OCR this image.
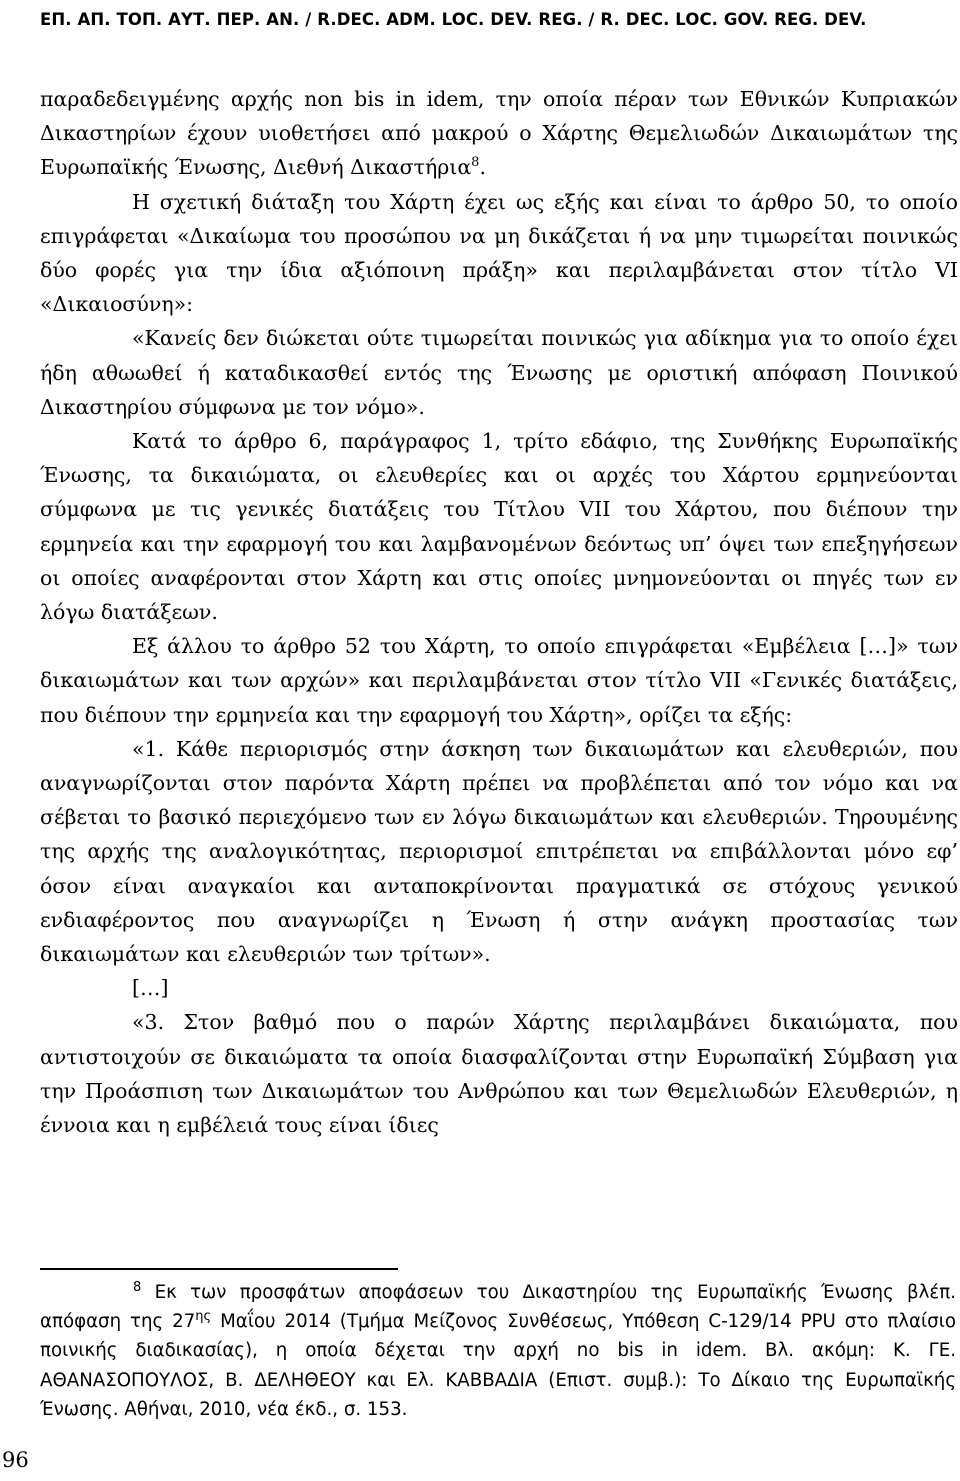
ΕΠ. ΑΠ. ΤΟΠ. ΑΥΤ. ΠΕΡ. ΑΝ. / R.DEC. ADM. LOC. DEV. REG. / R. DEC. LOC. GOV. REG. DEV.

παραδεδειγμένης αρχής non bis in idem, την οποία πέραν των Εθνικών Κυπριακών Δικαστηρίων έχουν υιοθετήσει από μακρού ο Χάρτης Θεμελιωδών Δικαιωμάτων της Ευρωπαϊκής Ένωσης, Διεθνή Δικαστήρια$^8$.

Η σχετική διάταξη του Χάρτη έχει ως εξής και είναι το άρθρο 50, το οποίο επιγράφεται «Δικαίωμα του προσώπου να μη δικάζεται ή να μην τιμωρείται ποινικώς δύο φορές για την ίδια αξιόποινη πράξη» και περιλαμβάνεται στον τίτλο VI «Δικαιοσύνη»:

«Κανείς δεν διώκεται ούτε τιμωρείται ποινικώς για αδίκημα για το οποίο έχει ήδη αθωωθεί ή καταδικασθεί εντός της Ένωσης με οριστική απόφαση Ποινικού Δικαστηρίου σύμφωνα με τον νόμο».

Κατά το άρθρο 6, παράγραφος 1, τρίτο εδάφιο, της Συνθήκης Ευρωπαϊκής Ένωσης, τα δικαιώματα, οι ελευθερίες και οι αρχές του Χάρτου ερμηνεύονται σύμφωνα με τις γενικές διατάξεις του Τίτλου VII του Χάρτου, που διέπουν την ερμηνεία και την εφαρμογή του και λαμβανομένων δεόντως υπ’ όψει των επεξηγήσεων οι οποίες αναφέρονται στον Χάρτη και στις οποίες μνημονεύονται οι πηγές των εν λόγω διατάξεων.

Εξ άλλου το άρθρο 52 του Χάρτη, το οποίο επιγράφεται «Εμβέλεια […]» των δικαιωμάτων και των αρχών» και περιλαμβάνεται στον τίτλο VII «Γενικές διατάξεις, που διέπουν την ερμηνεία και την εφαρμογή του Χάρτη», ορίζει τα εξής:

«1. Κάθε περιορισμός στην άσκηση των δικαιωμάτων και ελευθεριών, που αναγνωρίζονται στον παρόντα Χάρτη πρέπει να προβλέπεται από τον νόμο και να σέβεται το βασικό περιεχόμενο των εν λόγω δικαιωμάτων και ελευθεριών. Τηρουμένης της αρχής της αναλογικότητας, περιορισμοί επιτρέπεται να επιβάλλονται μόνο εφ’ όσον είναι αναγκαίοι και ανταποκρίνονται πραγματικά σε στόχους γενικού ενδιαφέροντος που αναγνωρίζει η Ένωση ή στην ανάγκη προστασίας των δικαιωμάτων και ελευθεριών των τρίτων».

[…]

«3. Στον βαθμό που ο παρών Χάρτης περιλαμβάνει δικαιώματα, που αντιστοιχούν σε δικαιώματα τα οποία διασφαλίζονται στην Ευρωπαϊκή Σύμβαση για την Προάσπιση των Δικαιωμάτων του Ανθρώπου και των Θεμελιωδών Ελευθεριών, η έννοια και η εμβέλειά τους είναι ίδιες

$^8$ Εκ των προσφάτων αποφάσεων του Δικαστηρίου της Ευρωπαϊκής Ένωσης βλέπ. απόφαση της $27^{\eta\varsigma}$ Μαΐου 2014 (Τμήμα Μείζονος Συνθέσεως, Υπόθεση C-129/14 PPU στο πλαίσιο ποινικής διαδικασίας), η οποία δέχεται την αρχή no bis in idem. Βλ. ακόμη: Κ. ΓΕ. ΑΘΑΝΑΣΟΠΟΥΛΟΣ, Β. ΔΕΛΗΘΕΟΥ και Ελ. ΚΑΒΒΑΔΙΑ (Επιστ. συμβ.): Το Δίκαιο της Ευρωπαϊκής Ένωσης. Αθήναι, 2010, νέα έκδ., σ. 153.

96
